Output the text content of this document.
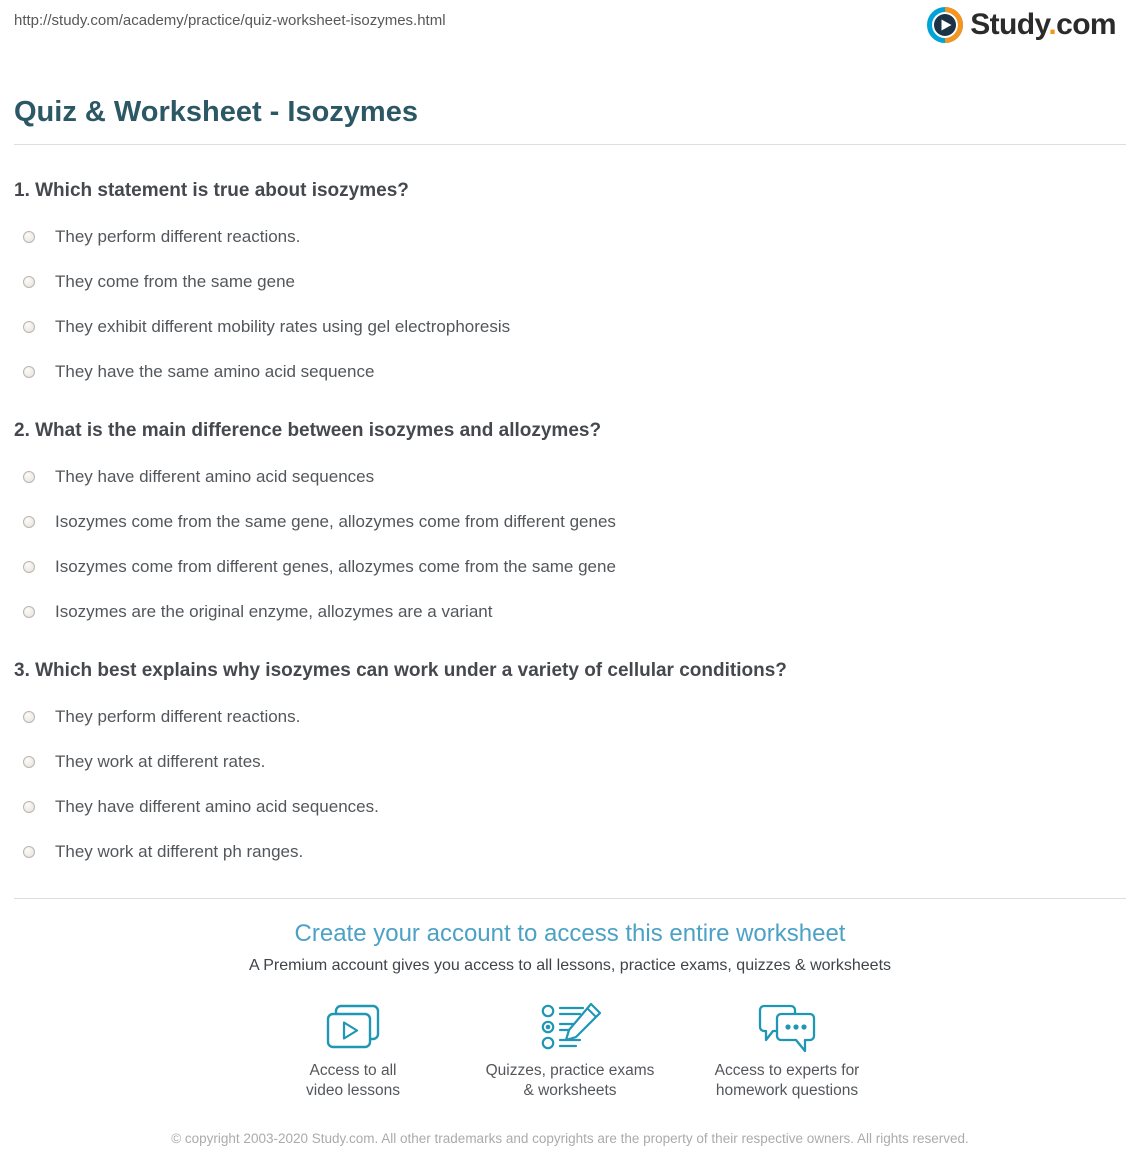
http://study.com/academy/practice/quiz-worksheet-isozymes.html	Study.com
Quiz & Worksheet - Isozymes
1. Which statement is true about isozymes?
They perform different reactions.
They come from the same gene
They exhibit different mobility rates using gel electrophoresis
They have the same amino acid sequence
2. What is the main difference between isozymes and allozymes?
They have different amino acid sequences
Isozymes come from the same gene, allozymes come from different genes
Isozymes come from different genes, allozymes come from the same gene
Isozymes are the original enzyme, allozymes are a variant
3. Which best explains why isozymes can work under a variety of cellular conditions?
They perform different reactions.
They work at different rates.
They have different amino acid sequences.
They work at different ph ranges.
Create your account to access this entire worksheet
A Premium account gives you access to all lessons, practice exams, quizzes & worksheets
Access to all
video lessons
Quizzes, practice exams
& worksheets
Access to experts for
homework questions
© copyright 2003-2020 Study.com. All other trademarks and copyrights are the property of their respective owners. All rights reserved.
